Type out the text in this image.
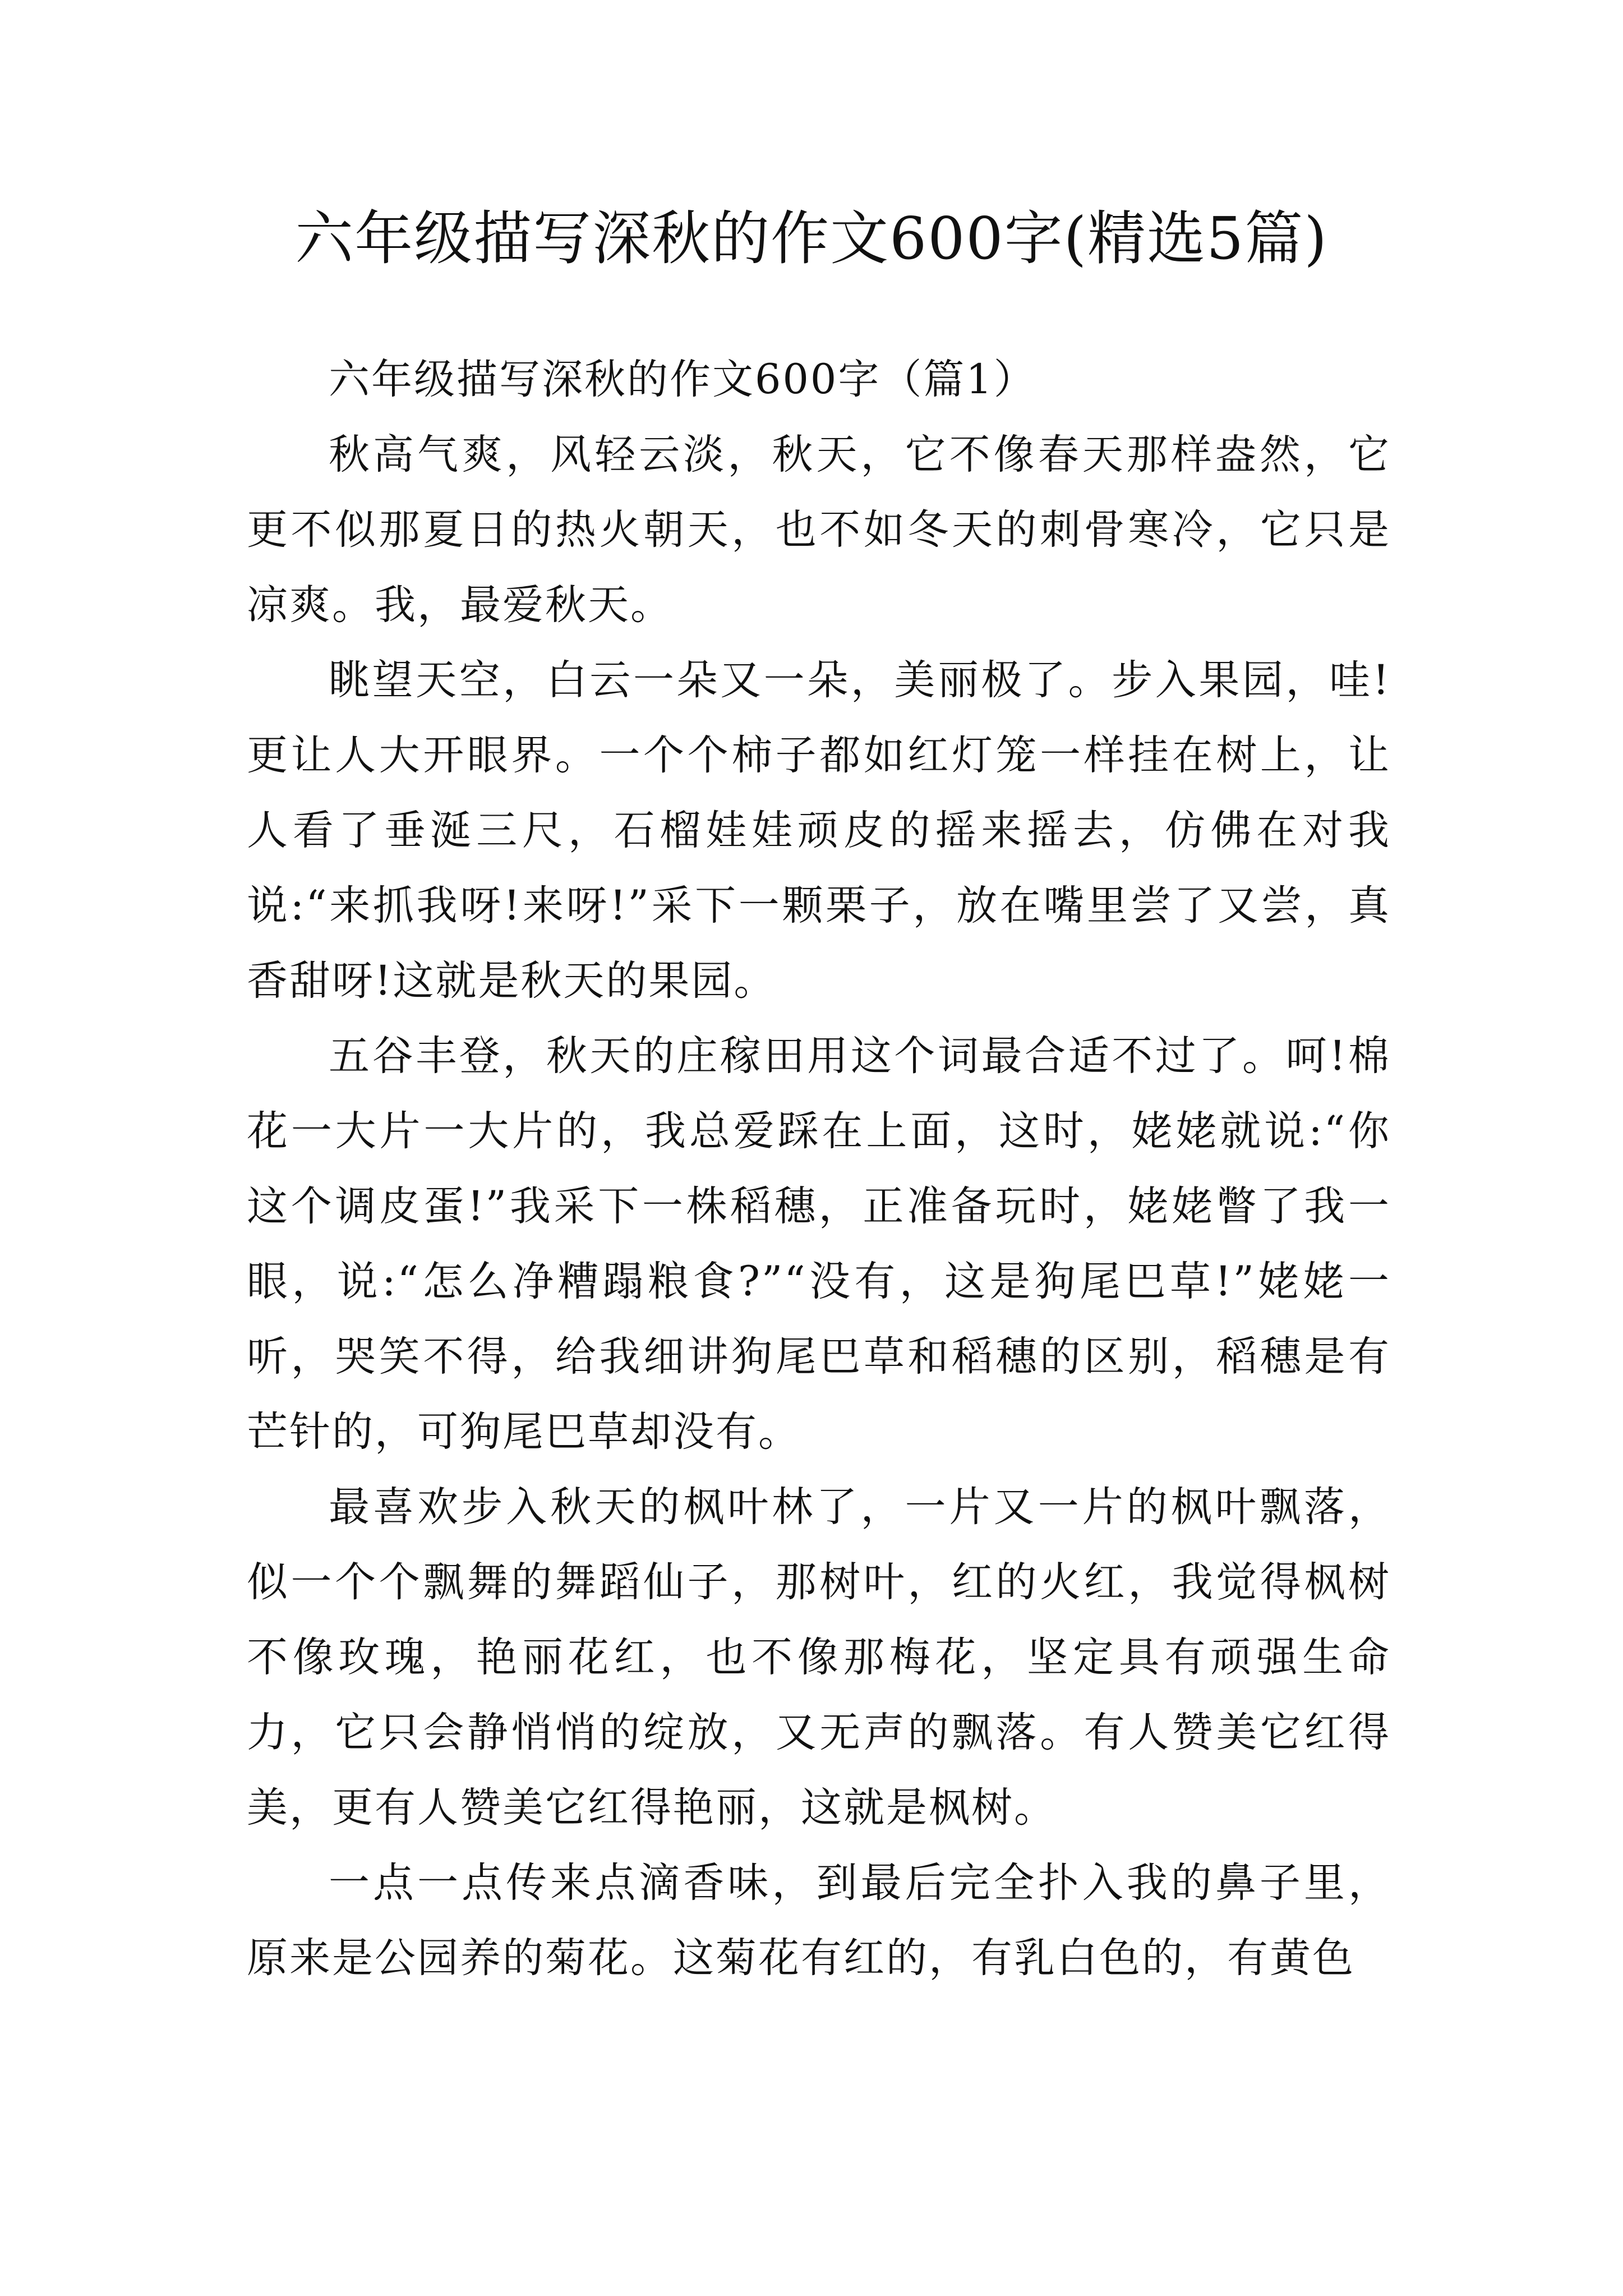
六年级描写深秋的作文600字(精选5篇)

六年级描写深秋的作文600字（篇1）

秋高气爽，风轻云淡，秋天，它不像春天那样盎然，它更不似那夏日的热火朝天，也不如冬天的刺骨寒冷，它只是凉爽。我，最爱秋天。

眺望天空，白云一朵又一朵，美丽极了。步入果园，哇!更让人大开眼界。一个个柿子都如红灯笼一样挂在树上，让人看了垂涎三尺，石榴娃娃顽皮的摇来摇去，仿佛在对我说:“来抓我呀!来呀!”采下一颗栗子，放在嘴里尝了又尝，真香甜呀!这就是秋天的果园。

五谷丰登，秋天的庄稼田用这个词最合适不过了。呵!棉花一大片一大片的，我总爱踩在上面，这时，姥姥就说:“你这个调皮蛋!”我采下一株稻穗，正准备玩时，姥姥瞥了我一眼，说:“怎么净糟蹋粮食?”“没有，这是狗尾巴草!”姥姥一听，哭笑不得，给我细讲狗尾巴草和稻穗的区别，稻穗是有芒针的，可狗尾巴草却没有。

最喜欢步入秋天的枫叶林了，一片又一片的枫叶飘落，似一个个飘舞的舞蹈仙子，那树叶，红的火红，我觉得枫树不像玫瑰，艳丽花红，也不像那梅花，坚定具有顽强生命力，它只会静悄悄的绽放，又无声的飘落。有人赞美它红得美，更有人赞美它红得艳丽，这就是枫树。

一点一点传来点滴香味，到最后完全扑入我的鼻子里，原来是公园养的菊花。这菊花有红的，有乳白色的，有黄色
